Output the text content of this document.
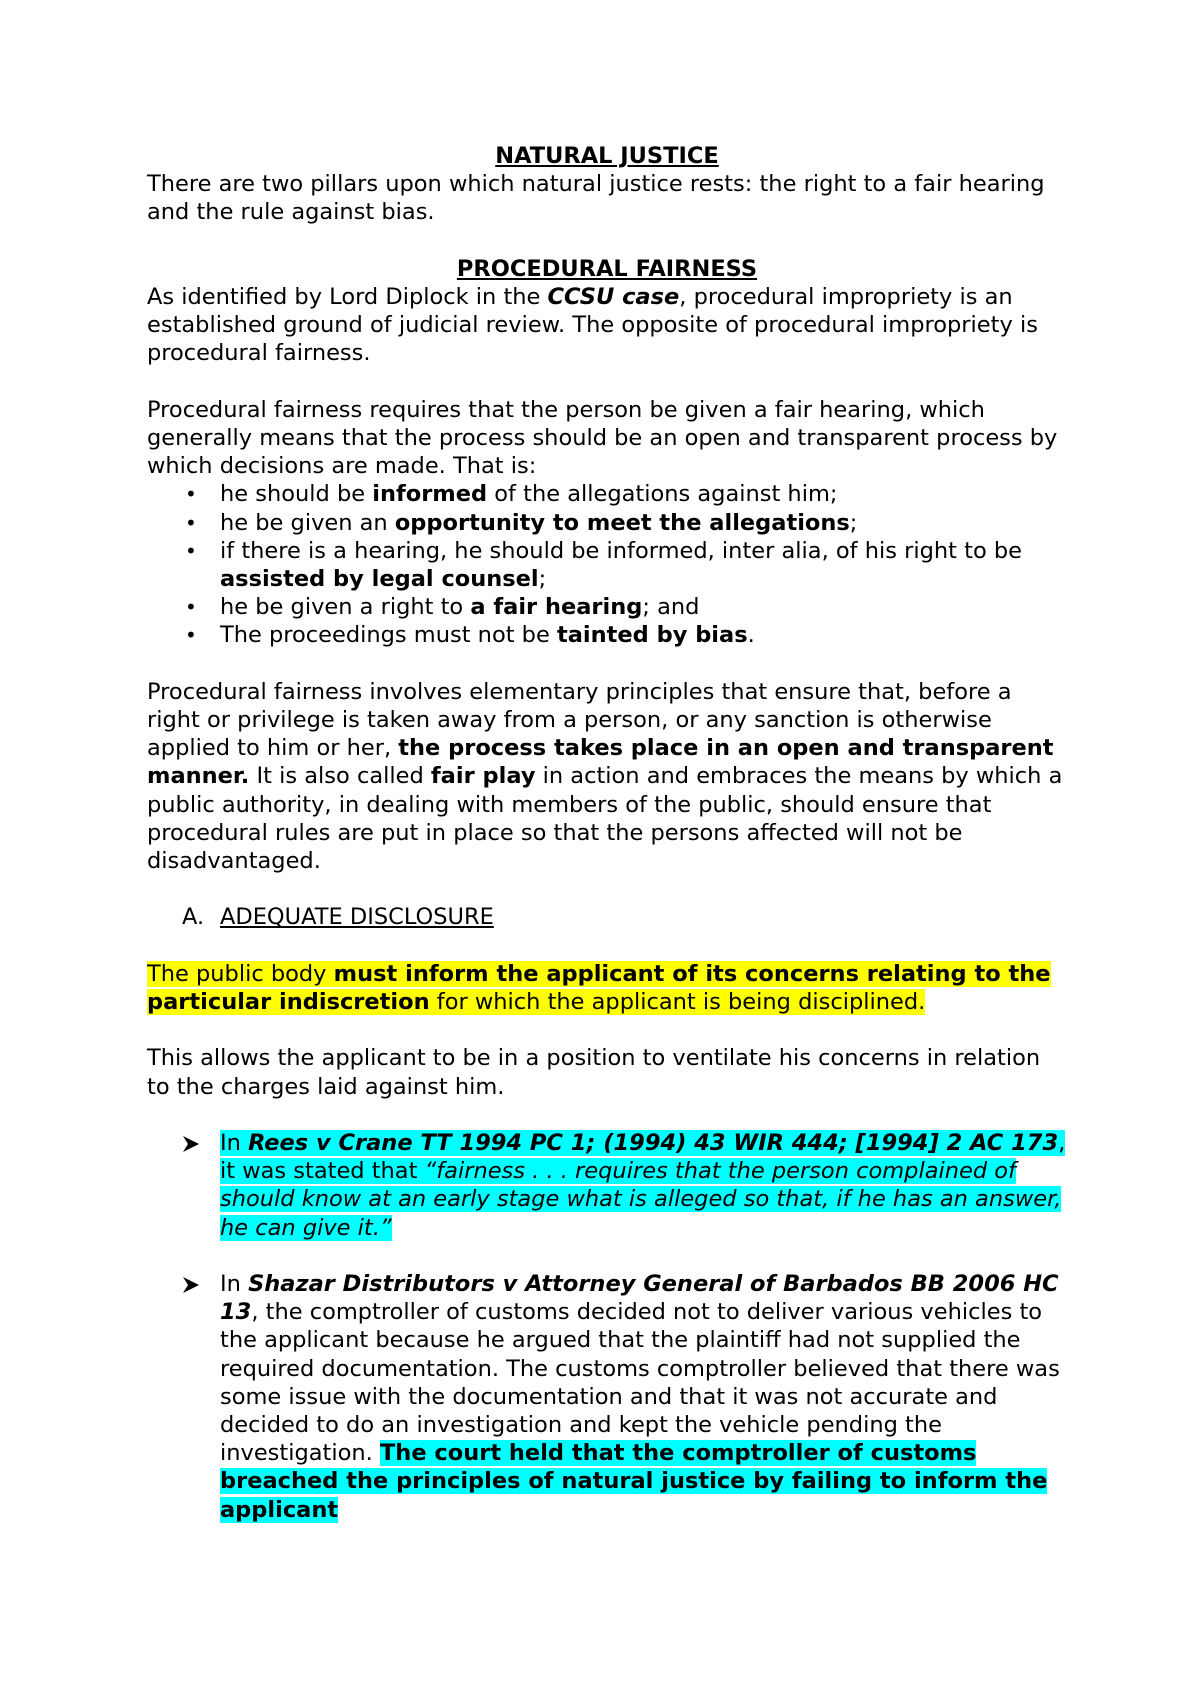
NATURAL JUSTICE

There are two pillars upon which natural justice rests: the right to a fair hearing and the rule against bias.

PROCEDURAL FAIRNESS

As identified by Lord Diplock in the CCSU case, procedural impropriety is an established ground of judicial review. The opposite of procedural impropriety is procedural fairness.

Procedural fairness requires that the person be given a fair hearing, which generally means that the process should be an open and transparent process by which decisions are made. That is:

• he should be informed of the allegations against him;
• he be given an opportunity to meet the allegations;
• if there is a hearing, he should be informed, inter alia, of his right to be assisted by legal counsel;
• he be given a right to a fair hearing; and
• The proceedings must not be tainted by bias.

Procedural fairness involves elementary principles that ensure that, before a right or privilege is taken away from a person, or any sanction is otherwise applied to him or her, the process takes place in an open and transparent manner. It is also called fair play in action and embraces the means by which a public authority, in dealing with members of the public, should ensure that procedural rules are put in place so that the persons affected will not be disadvantaged.

A. ADEQUATE DISCLOSURE

The public body must inform the applicant of its concerns relating to the particular indiscretion for which the applicant is being disciplined.

This allows the applicant to be in a position to ventilate his concerns in relation to the charges laid against him.

In Rees v Crane TT 1994 PC 1; (1994) 43 WIR 444; [1994] 2 AC 173, it was stated that “fairness . . . requires that the person complained of should know at an early stage what is alleged so that, if he has an answer, he can give it.”
In Shazar Distributors v Attorney General of Barbados BB 2006 HC 13, the comptroller of customs decided not to deliver various vehicles to the applicant because he argued that the plaintiff had not supplied the required documentation. The customs comptroller believed that there was some issue with the documentation and that it was not accurate and decided to do an investigation and kept the vehicle pending the investigation. The court held that the comptroller of customs breached the principles of natural justice by failing to inform the applicant
